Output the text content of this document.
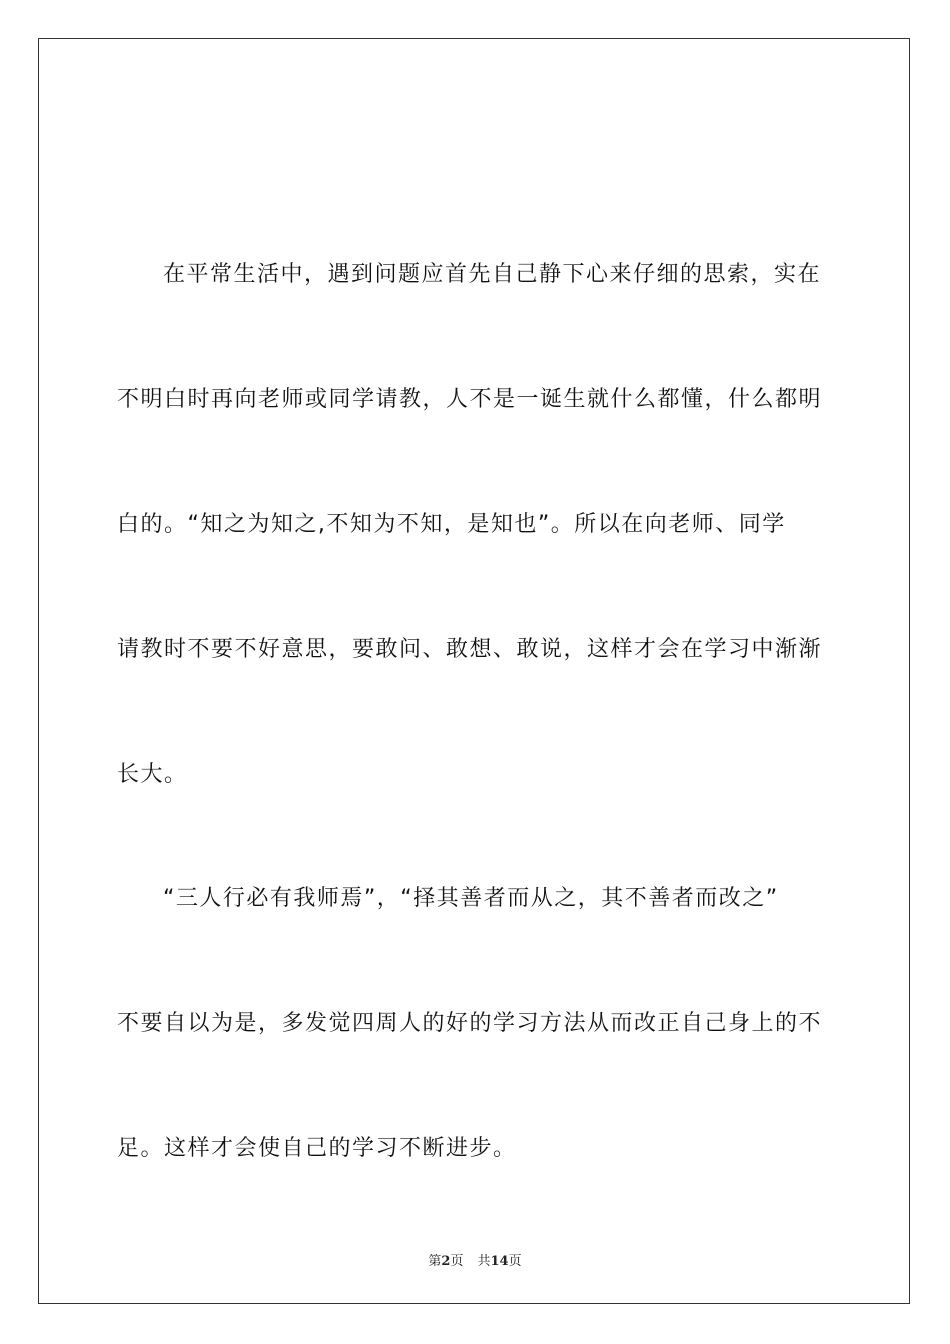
在平常生活中，遇到问题应首先自己静下心来仔细的思索，实在
不明白时再向老师或同学请教，人不是一诞生就什么都懂，什么都明
白的。“知之为知之,不知为不知，是知也”。所以在向老师、同学
请教时不要不好意思，要敢问、敢想、敢说，这样才会在学习中渐渐
长大。
“三人行必有我师焉”，“择其善者而从之，其不善者而改之”
不要自以为是，多发觉四周人的好的学习方法从而改正自己身上的不
足。这样才会使自己的学习不断进步。
第2页 共14页
